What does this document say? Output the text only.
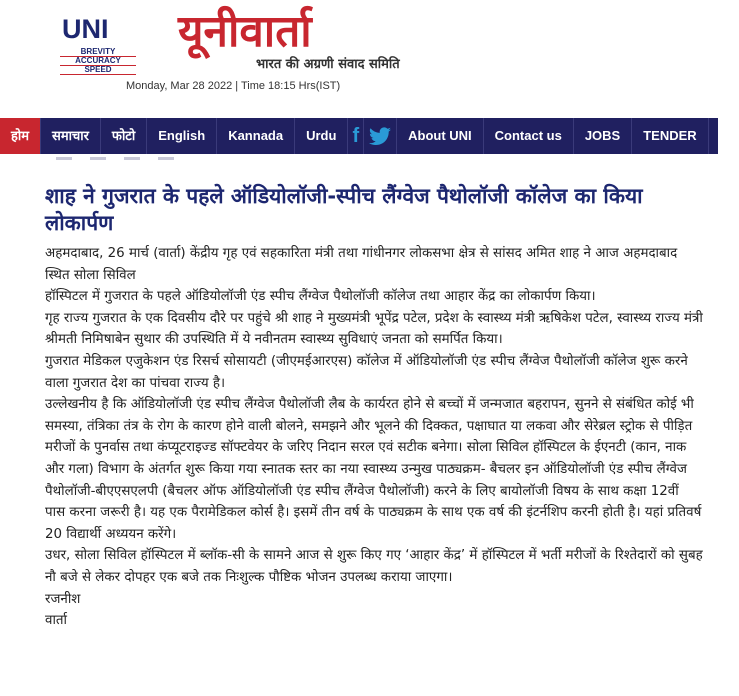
UNI
BREVITY
ACCURACY
SPEED
यूनीवार्ता
भारत की अग्रणी संवाद समिति
Monday, Mar 28 2022 | Time 18:15 Hrs(IST)
होम	समाचार	फोटो	English	Kannada	Urdu f	About UNI	Contact us	JOBS	TENDER	P
शाह ने गुजरात के पहले ऑडियोलॉजी-स्पीच लैंग्वेज पैथोलॉजी कॉलेज का किया लोकार्पण

अहमदाबाद, 26 मार्च (वार्ता) केंद्रीय गृह एवं सहकारिता मंत्री तथा गांधीनगर लोकसभा क्षेत्र से सांसद अमित शाह ने आज अहमदाबाद स्थित सोला सिविल

हॉस्पिटल में गुजरात के पहले ऑडियोलॉजी एंड स्पीच लैंग्वेज पैथोलॉजी कॉलेज तथा आहार केंद्र का लोकार्पण किया।

गृह राज्य गुजरात के एक दिवसीय दौरे पर पहुंचे श्री शाह ने मुख्यमंत्री भूपेंद्र पटेल, प्रदेश के स्वास्थ्य मंत्री ऋषिकेश पटेल, स्वास्थ्य राज्य मंत्री श्रीमती निमिषाबेन सुथार की उपस्थिति में ये नवीनतम स्वास्थ्य सुविधाएं जनता को समर्पित किया।

गुजरात मेडिकल एजुकेशन एंड रिसर्च सोसायटी (जीएमईआरएस) कॉलेज में ऑडियोलॉजी एंड स्पीच लैंग्वेज पैथोलॉजी कॉलेज शुरू करने वाला गुजरात देश का पांचवा राज्य है।

उल्लेखनीय है कि ऑडियोलॉजी एंड स्पीच लैंग्वेज पैथोलॉजी लैब के कार्यरत होने से बच्चों में जन्मजात बहरापन, सुनने से संबंधित कोई भी समस्या, तंत्रिका तंत्र के रोग के कारण होने वाली बोलने, समझने और भूलने की दिक्कत, पक्षाघात या लकवा और सेरेब्रल स्ट्रोक से पीड़ित मरीजों के पुनर्वास तथा कंप्यूटराइज्ड सॉफ्टवेयर के जरिए निदान सरल एवं सटीक बनेगा। सोला सिविल हॉस्पिटल के ईएनटी (कान, नाक और गला) विभाग के अंतर्गत शुरू किया गया स्नातक स्तर का नया स्वास्थ्य उन्मुख पाठ्यक्रम- बैचलर इन ऑडियोलॉजी एंड स्पीच लैंग्वेज पैथोलॉजी-बीएएसएलपी (बैचलर ऑफ ऑडियोलॉजी एंड स्पीच लैंग्वेज पैथोलॉजी) करने के लिए बायोलॉजी विषय के साथ कक्षा 12वीं पास करना जरूरी है। यह एक पैरामेडिकल कोर्स है। इसमें तीन वर्ष के पाठ्यक्रम के साथ एक वर्ष की इंटर्नशिप करनी होती है। यहां प्रतिवर्ष 20 विद्यार्थी अध्ययन करेंगे।

उधर, सोला सिविल हॉस्पिटल में ब्लॉक-सी के सामने आज से शुरू किए गए ‘आहार केंद्र’ में हॉस्पिटल में भर्ती मरीजों के रिश्तेदारों को सुबह नौ बजे से लेकर दोपहर एक बजे तक निःशुल्क पौष्टिक भोजन उपलब्ध कराया जाएगा।

रजनीश

वार्ता
